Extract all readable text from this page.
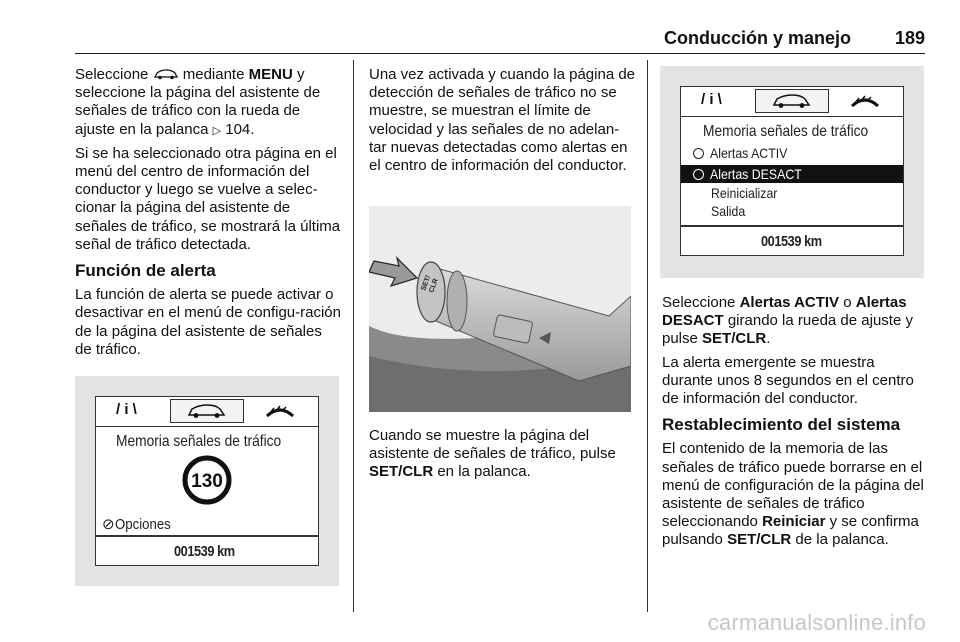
Conducción y manejo 189

Seleccione mediante MENU y seleccione la página del asistente de señales de tráfico con la rueda de ajuste en la palanca ▷ 104.

Si se ha seleccionado otra página en el menú del centro de información del conductor y luego se vuelve a selec-cionar la página del asistente de señales de tráfico, se mostrará la última señal de tráfico detectada.

Función de alerta

La función de alerta se puede activar o desactivar en el menú de configu-ración de la página del asistente de señales de tráfico.

/ i \
Memoria señales de tráfico
130
⊘Opciones
001539 km

Una vez activada y cuando la página de detección de señales de tráfico no se muestre, se muestran el límite de velocidad y las señales de no adelan-tar nuevas detectadas como alertas en el centro de información del conductor.

SET/
CLR

Cuando se muestre la página del asistente de señales de tráfico, pulse SET/CLR en la palanca.

/ i \
Memoria señales de tráfico
Alertas ACTIV
Alertas DESACT
Reinicializar
Salida
001539 km

Seleccione Alertas ACTIV o Alertas DESACT girando la rueda de ajuste y pulse SET/CLR.

La alerta emergente se muestra durante unos 8 segundos en el centro de información del conductor.

Restablecimiento del sistema

El contenido de la memoria de las señales de tráfico puede borrarse en el menú de configuración de la página del asistente de señales de tráfico seleccionando Reiniciar y se confirma pulsando SET/CLR de la palanca.

carmanualsonline.info
